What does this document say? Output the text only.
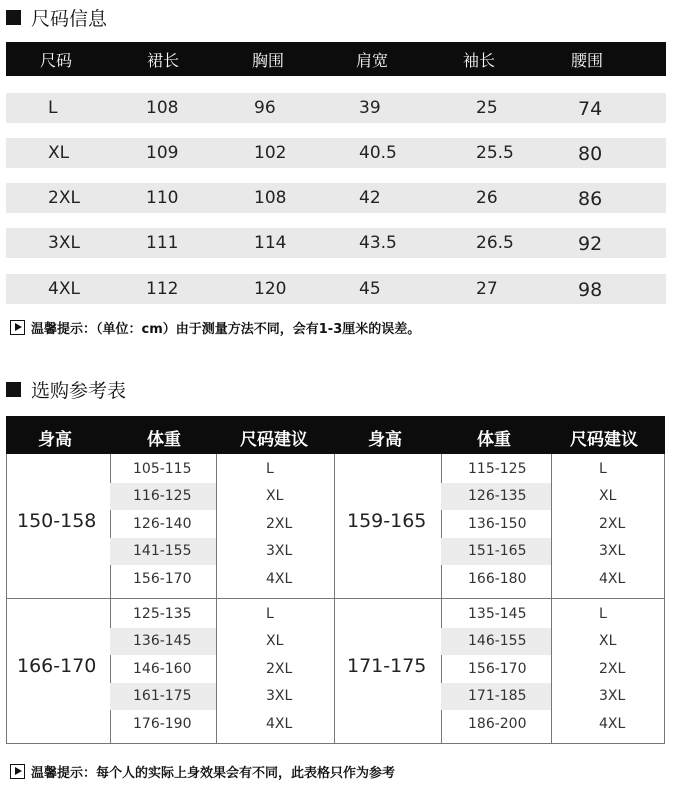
尺码信息
尺码	裙长	胸围	肩宽	袖长	腰围
L	108	96	39	25	74
XL	109	102	40.5	25.5	80
2XL	110	108	42	26	86
3XL	111	114	43.5	26.5	92
4XL	112	120	45	27	98
温馨提示：（单位：cm）由于测量方法不同，会有1-3厘米的误差。
选购参考表
身高	体重	尺码建议	身高	体重	尺码建议
150-158	159-165
105-115	L	115-125	L
116-125	XL	126-135	XL
126-140	2XL	136-150	2XL
141-155	3XL	151-165	3XL
156-170	4XL	166-180	4XL
166-170	171-175
125-135	L	135-145	L
136-145	XL	146-155	XL
146-160	2XL	156-170	2XL
161-175	3XL	171-185	3XL
176-190	4XL	186-200	4XL
温馨提示：每个人的实际上身效果会有不同，此表格只作为参考
